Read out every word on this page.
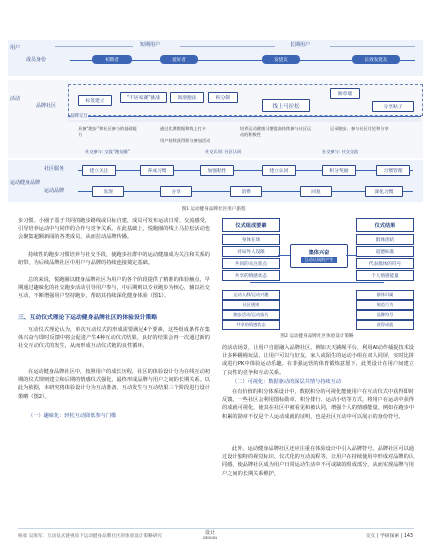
用户	短期用户	长期用户
成员身份	初期者	爱好者	发烧友	长效发烧友
活动
品牌社区
标签建立
"不居家赛"挑战	领滑跑法	积分制
线上马拉松
勋章墙
分享贴子
品牌交互
具备“跑步”和社区参与的基础能力
通过比赛数据和线上打卡
用户持续获得积分参加活动
培养运动健康习惯提高持续参与社区运动的积极性
记录跑步，参与社区讨论和分享
社交参与: 交流“跑友圈”	社交认同: 社区认同	社交参与: 社交交流
运动健身品牌
社区服务
运动品牌
建立关注	养成习惯	加强粘性	建立认同	积分奖励	习惯管理
发现	分享	消费	回复	深化习惯
图1 运动健身品牌社区用户旅程
步习惯。小圈子基于共同的跑步路线或目标自建，成员可发布运动日常、交流感受，引导培养运动中与同伴的合作与竞争关系。在此基础上，悦跑圈的线上马拉松活动也会聚集超额新闻的各类成员，从而拉动品牌传播。
持续性的跑步习惯培养与社交手段，使跑步社群中的运动健康成为关注和关系的纽带，为后续品牌社区中用户与品牌的持续连接奠定基础。
总的来说，悦跑圈以健身品牌社区为用户的各个阶段提供了精准的体验触点，早期通过趣味化的社交跑步活动引导用户参与，中后期则以专业跑步为核心，辅以社交互动，不断增强用户坚持跑步，帮助其持续深化健身体验（图1）。
三、互动仪式理论下运动健身品牌社区的体验设计策略
互动仪式理论认为，单次互动仪式的形成需要满足4个要素，这些组成条件在集体兴奋与即时反馈中将会促进产生4种互动仪式结果。良好的结果会再一次通过新的社交互动仪式的发生，从而形成互动仪式链的良性循环。
在运动健身品牌社区中，按照用户的成长历程，社区的体验设计分为在线互动初期的仪式规则建立和后期的情感仪式强化，最终形成品牌与用户之间的长期关系。以此为依据，本研究将体验设计分为互动准备、互动发生与互动结果三个阶段进行设计策略（图2）。
（一）趣味化：轻松互动降低参与门槛
仪式组成要素	仪式结果
身体在场
对局外人设限
共同的关注焦点
共享的情感状态
集体兴奋
互动认同的产生
群体团结
道德标准
代表群体的符号
个人情感能量
运动人群/运动兴趣
社区规则
跑步活动/运动技巧
共享的情感状态
群体归属
规范行为
品牌符号
获得成就
图2 运动健身品牌社区体验设计策略
的活动场景，让用户自愿融入品牌社区。例如天天跳绳平台，利用AI动作捕捉技术设计多种跳绳玩法，让用户可以与好友、家人或陌生的运动小组在双人同屏，实时比拼或进行PK中体验运动乐趣。在非强运营的体育锻炼意愿下，此类设计在用户间建立了良性的竞争和互动关系。
（二）可视化：数据驱动的深层共情与持续互动
在有价值的积分体系设计中，数据积分的可视化能使用户在互动仪式中获得即时反馈。一些社区会利用图标勋章、积分排行、运动小结等方式，将用户在运动中获得的成就可视化，使其在社区中被看见和被认同，增强个人的情感能量。例如在跑步中积累的勋章不仅是个人运动成就的证明，也是社区互动中可以展示的身份符号。
此外，运动健身品牌社区还应注重在体验设计中引入品牌符号。品牌社区可以通过设计独特的视觉标识、仪式化的互动流程等，让用户在持续使用中形成对品牌的认同感，使品牌社区成为用户日常运动生活中不可或缺的组成部分，从而实现品牌与用户之间的长期关系维护。
杨承 吴海军：互动仪式链视角下运动健身品牌社区的体验设计策略研究
设计
DESIGN	交互 | 学研探索 | 143
